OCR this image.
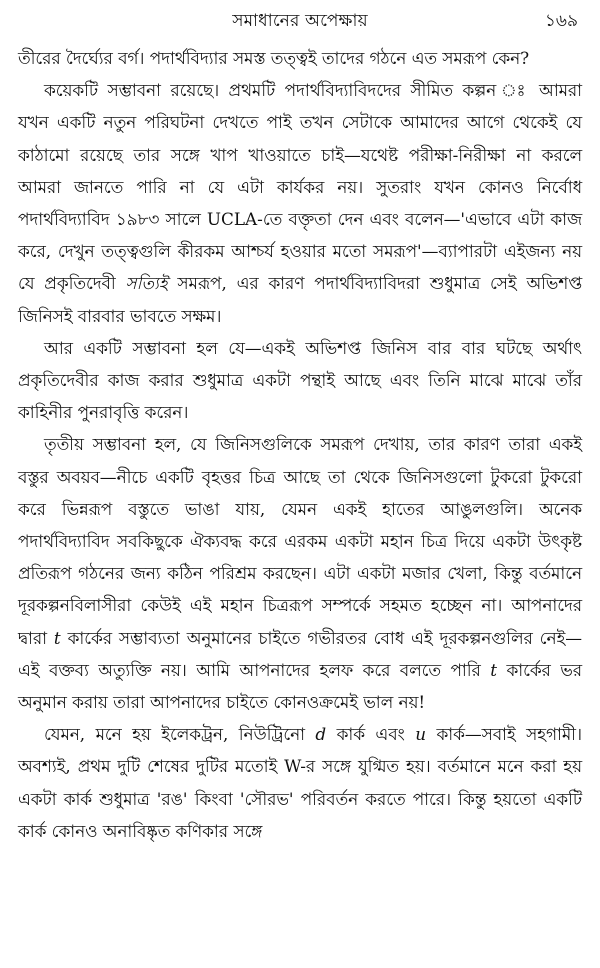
সমাধানের অপেক্ষায়	১৬৯

তীরের দৈর্ঘ্যের বর্গ। পদার্থবিদ্যার সমস্ত তত্ত্বই তাদের গঠনে এত সমরূপ কেন?

কয়েকটি সম্ভাবনা রয়েছে। প্রথমটি পদার্থবিদ্যাবিদদের সীমিত কল্পন ঃ আমরা যখন একটি নতুন পরিঘটনা দেখতে পাই তখন সেটাকে আমাদের আগে থেকেই যে কাঠামো রয়েছে তার সঙ্গে খাপ খাওয়াতে চাই—যথেষ্ট পরীক্ষা-নিরীক্ষা না করলে আমরা জানতে পারি না যে এটা কার্যকর নয়। সুতরাং যখন কোনও নির্বোধ পদার্থবিদ্যাবিদ ১৯৮৩ সালে UCLA-তে বক্তৃতা দেন এবং বলেন—'এভাবে এটা কাজ করে, দেখুন তত্ত্বগুলি কীরকম আশ্চর্য হওয়ার মতো সমরূপ'—ব্যাপারটা এইজন্য নয় যে প্রকৃতিদেবী সত্যিই সমরূপ, এর কারণ পদার্থবিদ্যাবিদরা শুধুমাত্র সেই অভিশপ্ত জিনিসই বারবার ভাবতে সক্ষম।

আর একটি সম্ভাবনা হল যে—একই অভিশপ্ত জিনিস বার বার ঘটছে অর্থাৎ প্রকৃতিদেবীর কাজ করার শুধুমাত্র একটা পন্থাই আছে এবং তিনি মাঝে মাঝে তাঁর কাহিনীর পুনরাবৃত্তি করেন।

তৃতীয় সম্ভাবনা হল, যে জিনিসগুলিকে সমরূপ দেখায়, তার কারণ তারা একই বস্তুর অবয়ব—নীচে একটি বৃহত্তর চিত্র আছে তা থেকে জিনিসগুলো টুকরো টুকরো করে ভিন্নরূপ বস্তুতে ভাঙা যায়, যেমন একই হাতের আঙুলগুলি। অনেক পদার্থবিদ্যাবিদ সবকিছুকে ঐক্যবদ্ধ করে এরকম একটা মহান চিত্র দিয়ে একটা উৎকৃষ্ট প্রতিরূপ গঠনের জন্য কঠিন পরিশ্রম করছেন। এটা একটা মজার খেলা, কিন্তু বর্তমানে দূরকল্পনবিলাসীরা কেউই এই মহান চিত্ররূপ সম্পর্কে সহমত হচ্ছেন না। আপনাদের দ্বারা t কার্কের সম্ভাব্যতা অনুমানের চাইতে গভীরতর বোধ এই দূরকল্পনগুলির নেই—এই বক্তব্য অত্যুক্তি নয়। আমি আপনাদের হলফ করে বলতে পারি t কার্কের ভর অনুমান করায় তারা আপনাদের চাইতে কোনওক্রমেই ভাল নয়!

যেমন, মনে হয় ইলেকট্রন, নিউট্রিনো d কার্ক এবং u কার্ক—সবাই সহগামী। অবশ্যই, প্রথম দুটি শেষের দুটির মতোই W-র সঙ্গে যুগ্মিত হয়। বর্তমানে মনে করা হয় একটা কার্ক শুধুমাত্র 'রঙ' কিংবা 'সৌরভ' পরিবর্তন করতে পারে। কিন্তু হয়তো একটি কার্ক কোনও অনাবিষ্কৃত কণিকার সঙ্গে
